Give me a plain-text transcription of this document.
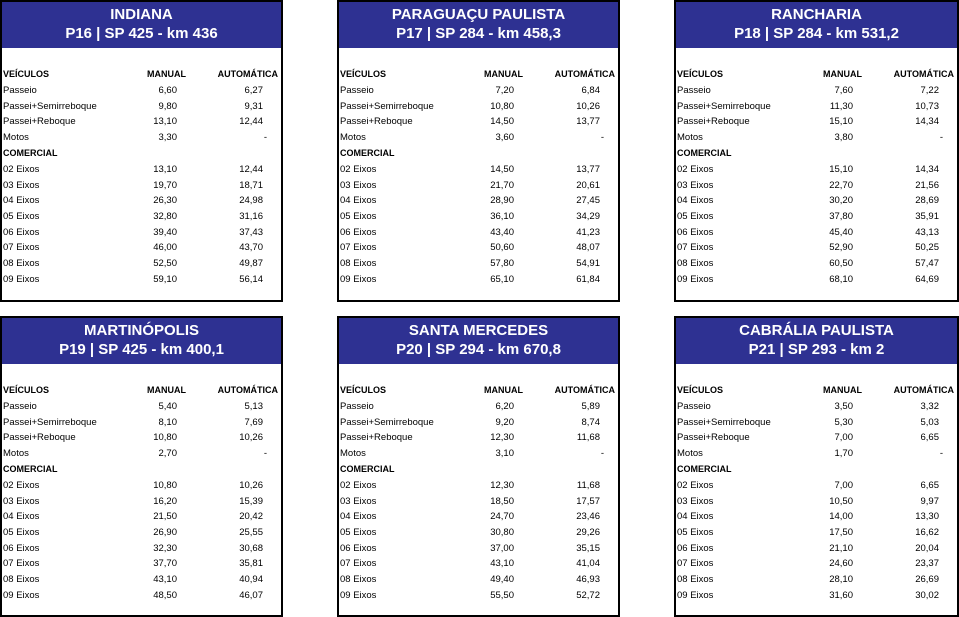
INDIANA
P16 | SP 425 - km 436
VEÍCULOS	MANUAL	AUTOMÁTICA
Passeio	6,60	6,27
Passei+Semirreboque	9,80	9,31
Passei+Reboque	13,10	12,44
Motos	3,30	-
COMERCIAL
02 Eixos	13,10	12,44
03 Eixos	19,70	18,71
04 Eixos	26,30	24,98
05 Eixos	32,80	31,16
06 Eixos	39,40	37,43
07 Eixos	46,00	43,70
08 Eixos	52,50	49,87
09 Eixos	59,10	56,14
PARAGUAÇU PAULISTA
P17 | SP 284 - km 458,3
VEÍCULOS	MANUAL	AUTOMÁTICA
Passeio	7,20	6,84
Passei+Semirreboque	10,80	10,26
Passei+Reboque	14,50	13,77
Motos	3,60	-
COMERCIAL
02 Eixos	14,50	13,77
03 Eixos	21,70	20,61
04 Eixos	28,90	27,45
05 Eixos	36,10	34,29
06 Eixos	43,40	41,23
07 Eixos	50,60	48,07
08 Eixos	57,80	54,91
09 Eixos	65,10	61,84
RANCHARIA
P18 | SP 284 - km 531,2
VEÍCULOS	MANUAL	AUTOMÁTICA
Passeio	7,60	7,22
Passei+Semirreboque	11,30	10,73
Passei+Reboque	15,10	14,34
Motos	3,80	-
COMERCIAL
02 Eixos	15,10	14,34
03 Eixos	22,70	21,56
04 Eixos	30,20	28,69
05 Eixos	37,80	35,91
06 Eixos	45,40	43,13
07 Eixos	52,90	50,25
08 Eixos	60,50	57,47
09 Eixos	68,10	64,69
MARTINÓPOLIS
P19 | SP 425 - km 400,1
VEÍCULOS	MANUAL	AUTOMÁTICA
Passeio	5,40	5,13
Passei+Semirreboque	8,10	7,69
Passei+Reboque	10,80	10,26
Motos	2,70	-
COMERCIAL
02 Eixos	10,80	10,26
03 Eixos	16,20	15,39
04 Eixos	21,50	20,42
05 Eixos	26,90	25,55
06 Eixos	32,30	30,68
07 Eixos	37,70	35,81
08 Eixos	43,10	40,94
09 Eixos	48,50	46,07
SANTA MERCEDES
P20 | SP 294 - km 670,8
VEÍCULOS	MANUAL	AUTOMÁTICA
Passeio	6,20	5,89
Passei+Semirreboque	9,20	8,74
Passei+Reboque	12,30	11,68
Motos	3,10	-
COMERCIAL
02 Eixos	12,30	11,68
03 Eixos	18,50	17,57
04 Eixos	24,70	23,46
05 Eixos	30,80	29,26
06 Eixos	37,00	35,15
07 Eixos	43,10	41,04
08 Eixos	49,40	46,93
09 Eixos	55,50	52,72
CABRÁLIA PAULISTA
P21 | SP 293 - km 2
VEÍCULOS	MANUAL	AUTOMÁTICA
Passeio	3,50	3,32
Passei+Semirreboque	5,30	5,03
Passei+Reboque	7,00	6,65
Motos	1,70	-
COMERCIAL
02 Eixos	7,00	6,65
03 Eixos	10,50	9,97
04 Eixos	14,00	13,30
05 Eixos	17,50	16,62
06 Eixos	21,10	20,04
07 Eixos	24,60	23,37
08 Eixos	28,10	26,69
09 Eixos	31,60	30,02
